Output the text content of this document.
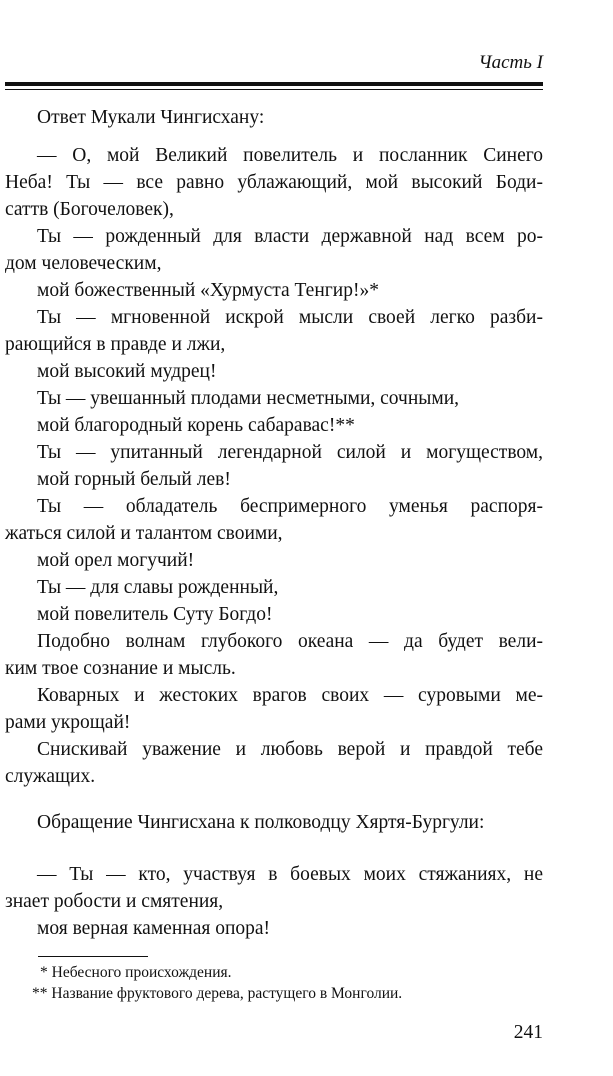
Часть I
Ответ Мукали Чингисхану:
— О, мой Великий повелитель и посланник Синего
Неба! Ты — все равно ублажающий, мой высокий Боди-
саттв (Богочеловек),
Ты — рожденный для власти державной над всем ро-
дом человеческим,
мой божественный «Хурмуста Тенгир!»*
Ты — мгновенной искрой мысли своей легко разби-
рающийся в правде и лжи,
мой высокий мудрец!
Ты — увешанный плодами несметными, сочными,
мой благородный корень сабаравас!**
Ты — упитанный легендарной силой и могуществом,
мой горный белый лев!
Ты — обладатель беспримерного уменья распоря-
жаться силой и талантом своими,
мой орел могучий!
Ты — для славы рожденный,
мой повелитель Суту Богдо!
Подобно волнам глубокого океана — да будет вели-
ким твое сознание и мысль.
Коварных и жестоких врагов своих — суровыми ме-
рами укрощай!
Снискивай уважение и любовь верой и правдой тебе
служащих.
Обращение Чингисхана к полководцу Хяртя-Бургули:
— Ты — кто, участвуя в боевых моих стяжаниях, не
знает робости и смятения,
моя верная каменная опора!
* Небесного происхождения.
** Название фруктового дерева, растущего в Монголии.
241
